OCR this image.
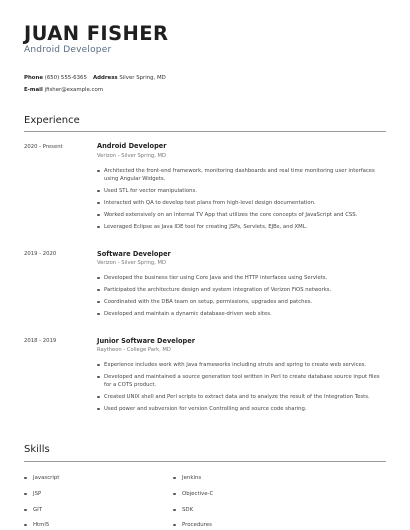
JUAN FISHER
Android Developer
Phone (650) 555-6365 Address Silver Spring, MD
E-mail jfisher@example.com
Experience
2020 - Present	Android Developer
Verizon - Silver Spring, MD
Architected the front-end framework, monitoring dashboards and real time monitoring user interfaces using Angular Widgets.
Used STL for vector manipulations.
Interacted with QA to develop test plans from high-level design documentation.
Worked extensively on an Internal TV App that utilizes the core concepts of JavaScript and CSS.
Leveraged Eclipse as Java IDE tool for creating JSPs, Servlets, EJBs, and XML.
2019 - 2020	Software Developer
Verizon - Silver Spring, MD
Developed the business tier using Core Java and the HTTP interfaces using Servlets.
Participated the architecture design and system integration of Verizon FiOS networks.
Coordinated with the DBA team on setup, permissions, upgrades and patches.
Developed and maintain a dynamic database-driven web sites.
2018 - 2019	Junior Software Developer
Raytheon - College Park, MD
Experience includes work with Java frameworks including struts and spring to create web services.
Developed and maintained a source generation tool written in Perl to create database source input files for a COTS product.
Created UNIX shell and Perl scripts to extract data and to analyze the result of the Integration Tests.
Used power and subversion for version Controlling and source code sharing.
Skills
Javascript	Jenkins
JSP	Objective-C
GIT	SDK
Html5	Procedures
